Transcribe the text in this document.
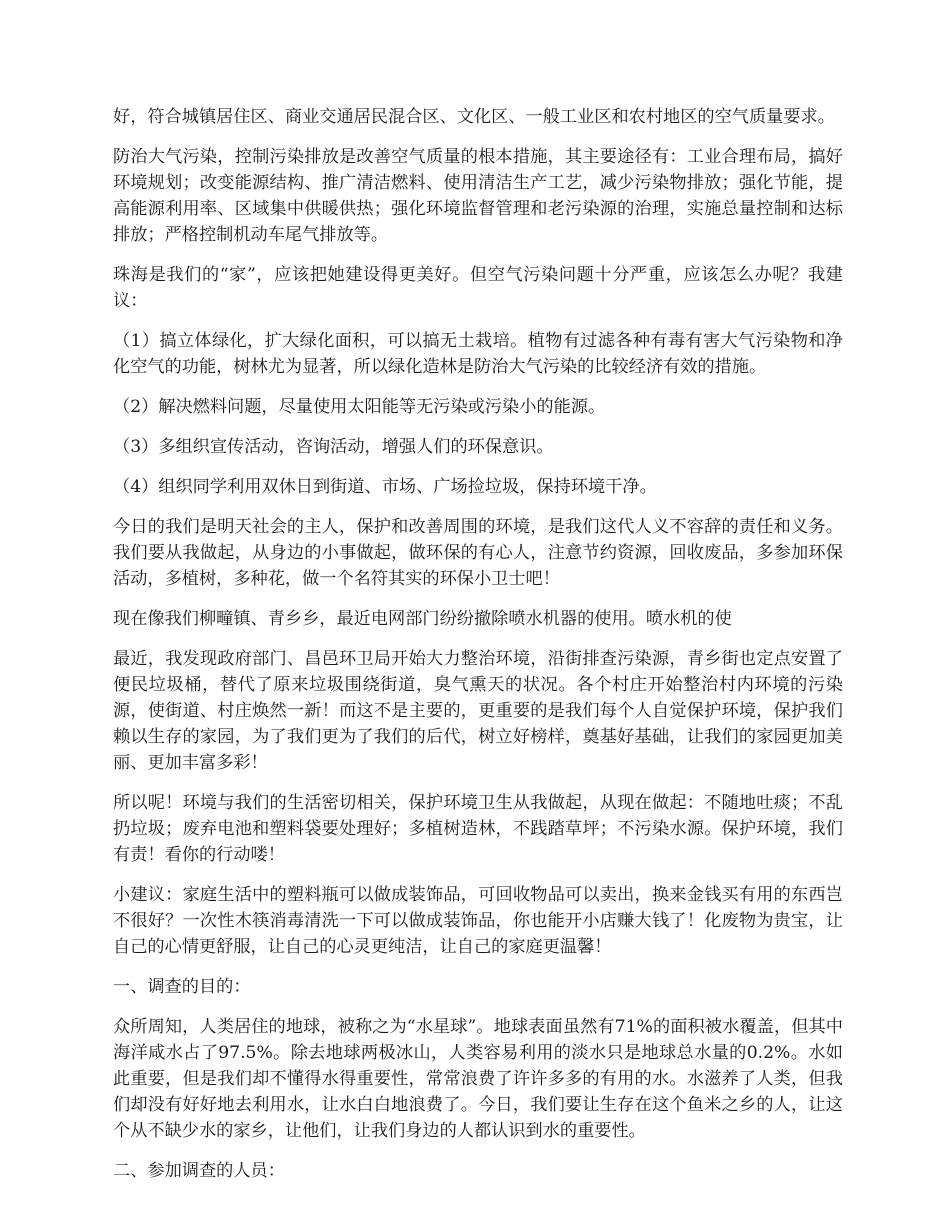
好，符合城镇居住区、商业交通居民混合区、文化区、一般工业区和农村地区的空气质量要求。

防治大气污染，控制污染排放是改善空气质量的根本措施，其主要途径有：工业合理布局，搞好环境规划；改变能源结构、推广清洁燃料、使用清洁生产工艺，减少污染物排放；强化节能，提高能源利用率、区域集中供暖供热；强化环境监督管理和老污染源的治理，实施总量控制和达标排放；严格控制机动车尾气排放等。

珠海是我们的“家”，应该把她建设得更美好。但空气污染问题十分严重，应该怎么办呢？我建议：

（1）搞立体绿化，扩大绿化面积，可以搞无土栽培。植物有过滤各种有毒有害大气污染物和净化空气的功能，树林尤为显著，所以绿化造林是防治大气污染的比较经济有效的措施。

（2）解决燃料问题，尽量使用太阳能等无污染或污染小的能源。

（3）多组织宣传活动，咨询活动，增强人们的环保意识。

（4）组织同学利用双休日到街道、市场、广场捡垃圾，保持环境干净。

今日的我们是明天社会的主人，保护和改善周围的环境，是我们这代人义不容辞的责任和义务。我们要从我做起，从身边的小事做起，做环保的有心人，注意节约资源，回收废品，多参加环保活动，多植树，多种花，做一个名符其实的环保小卫士吧！

现在像我们柳疃镇、青乡乡，最近电网部门纷纷撤除喷水机器的使用。喷水机的使

最近，我发现政府部门、昌邑环卫局开始大力整治环境，沿街排查污染源，青乡街也定点安置了便民垃圾桶，替代了原来垃圾围绕街道，臭气熏天的状况。各个村庄开始整治村内环境的污染源，使街道、村庄焕然一新！而这不是主要的，更重要的是我们每个人自觉保护环境，保护我们赖以生存的家园，为了我们更为了我们的后代，树立好榜样，奠基好基础，让我们的家园更加美丽、更加丰富多彩！

所以呢！环境与我们的生活密切相关，保护环境卫生从我做起，从现在做起：不随地吐痰；不乱扔垃圾；废弃电池和塑料袋要处理好；多植树造林，不践踏草坪；不污染水源。保护环境，我们有责！看你的行动喽！

小建议：家庭生活中的塑料瓶可以做成装饰品，可回收物品可以卖出，换来金钱买有用的东西岂不很好？一次性木筷消毒清洗一下可以做成装饰品，你也能开小店赚大钱了！化废物为贵宝，让自己的心情更舒服，让自己的心灵更纯洁，让自己的家庭更温馨！

一、调查的目的：

众所周知，人类居住的地球，被称之为“水星球”。地球表面虽然有71%的面积被水覆盖，但其中海洋咸水占了97.5%。除去地球两极冰山，人类容易利用的淡水只是地球总水量的0.2%。水如此重要，但是我们却不懂得水得重要性，常常浪费了许许多多的有用的水。水滋养了人类，但我们却没有好好地去利用水，让水白白地浪费了。今日，我们要让生存在这个鱼米之乡的人，让这个从不缺少水的家乡，让他们，让我们身边的人都认识到水的重要性。

二、参加调查的人员：
